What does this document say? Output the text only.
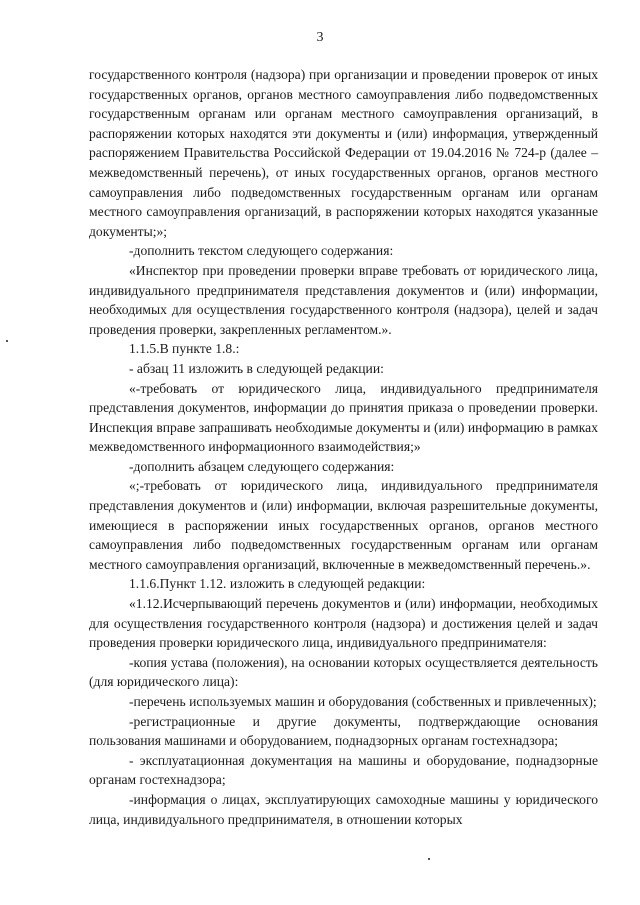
3

государственного контроля (надзора) при организации и проведении проверок от иных государственных органов, органов местного самоуправления либо подведомственных государственным органам или органам местного самоуправления организаций, в распоряжении которых находятся эти документы и (или) информация, утвержденный распоряжением Правительства Российской Федерации от 19.04.2016 № 724-р (далее – межведомственный перечень), от иных государственных органов, органов местного самоуправления либо подведомственных государственным органам или органам местного самоуправления организаций, в распоряжении которых находятся указанные документы;»;

-дополнить текстом следующего содержания:

«Инспектор при проведении проверки вправе требовать от юридического лица, индивидуального предпринимателя представления документов и (или) информации, необходимых для осуществления государственного контроля (надзора), целей и задач проведения проверки, закрепленных регламентом.».

1.1.5.В пункте 1.8.:

- абзац 11 изложить в следующей редакции:

«-требовать от юридического лица, индивидуального предпринимателя представления документов, информации до принятия приказа о проведении проверки. Инспекция вправе запрашивать необходимые документы и (или) информацию в рамках межведомственного информационного взаимодействия;»

-дополнить абзацем следующего содержания:

«;-требовать от юридического лица, индивидуального предпринимателя представления документов и (или) информации, включая разрешительные документы, имеющиеся в распоряжении иных государственных органов, органов местного самоуправления либо подведомственных государственным органам или органам местного самоуправления организаций, включенные в межведомственный перечень.».

1.1.6.Пункт 1.12. изложить в следующей редакции:

«1.12.Исчерпывающий перечень документов и (или) информации, необходимых для осуществления государственного контроля (надзора) и достижения целей и задач проведения проверки юридического лица, индивидуального предпринимателя:

-копия устава (положения), на основании которых осуществляется деятельность (для юридического лица):

-перечень используемых машин и оборудования (собственных и привлеченных);

-регистрационные и другие документы, подтверждающие основания пользования машинами и оборудованием, поднадзорных органам гостехнадзора;

- эксплуатационная документация на машины и оборудование, поднадзорные органам гостехнадзора;

-информация о лицах, эксплуатирующих самоходные машины у юридического лица, индивидуального предпринимателя, в отношении которых
